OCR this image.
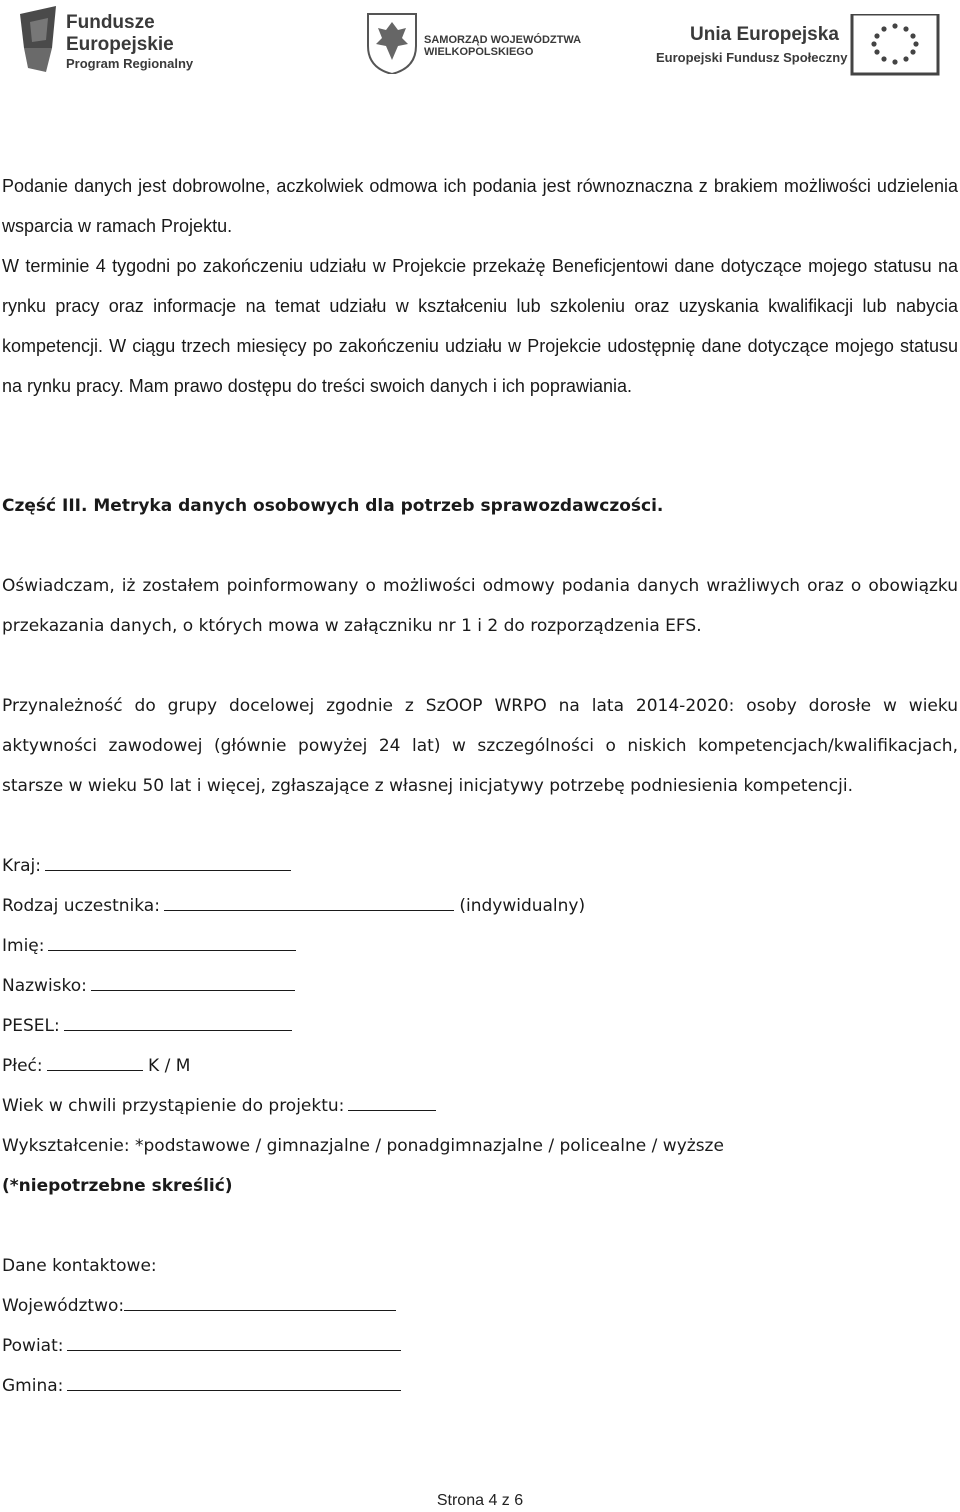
Fundusze
Europejskie
Program Regionalny
SAMORZĄD WOJEWÓDZTWA
WIELKOPOLSKIEGO
Unia Europejska
Europejski Fundusz Społeczny

Podanie danych jest dobrowolne, aczkolwiek odmowa ich podania jest równoznaczna z brakiem możliwości udzielenia wsparcia w ramach Projektu.

W terminie 4 tygodni po zakończeniu udziału w Projekcie przekażę Beneficjentowi dane dotyczące mojego statusu na rynku pracy oraz informacje na temat udziału w kształceniu lub szkoleniu oraz uzyskania kwalifikacji lub nabycia kompetencji. W ciągu trzech miesięcy po zakończeniu udziału w Projekcie udostępnię dane dotyczące mojego statusu na rynku pracy. Mam prawo dostępu do treści swoich danych i ich poprawiania.

Część III. Metryka danych osobowych dla potrzeb sprawozdawczości.

Oświadczam, iż zostałem poinformowany o możliwości odmowy podania danych wrażliwych oraz o obowiązku przekazania danych, o których mowa w załączniku nr 1 i 2 do rozporządzenia EFS.

Przynależność do grupy docelowej zgodnie z SzOOP WRPO na lata 2014-2020: osoby dorosłe w wieku aktywności zawodowej (głównie powyżej 24 lat) w szczególności o niskich kompetencjach/kwalifikacjach, starsze w wieku 50 lat i więcej, zgłaszające z własnej inicjatywy potrzebę podniesienia kompetencji.

Kraj:
Rodzaj uczestnika:	(indywidualny)
Imię:
Nazwisko:
PESEL:
Płeć:	K / M
Wiek w chwili przystąpienie do projektu:
Wykształcenie: *podstawowe / gimnazjalne / ponadgimnazjalne / policealne / wyższe
(*niepotrzebne skreślić)
Dane kontaktowe:
Województwo:
Powiat:
Gmina:
Strona 4 z 6
